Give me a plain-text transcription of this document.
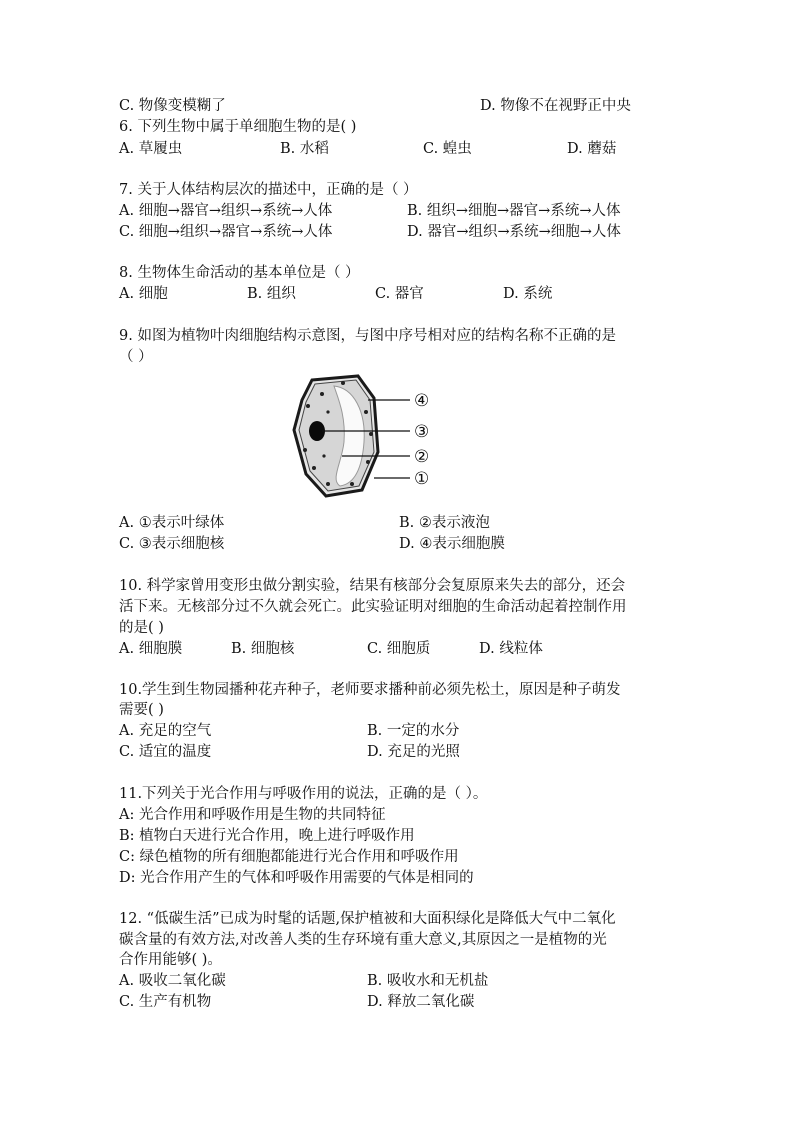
C. 物像变模糊了	D. 物像不在视野正中央
6. 下列生物中属于单细胞生物的是( )
A. 草履虫	B. 水稻	C. 蝗虫	D. 蘑菇
7. 关于人体结构层次的描述中，正确的是（ ）
A. 细胞→器官→组织→系统→人体	B. 组织→细胞→器官→系统→人体
C. 细胞→组织→器官→系统→人体	D. 器官→组织→系统→细胞→人体
8. 生物体生命活动的基本单位是（ ）
A. 细胞	B. 组织	C. 器官	D. 系统
9. 如图为植物叶肉细胞结构示意图，与图中序号相对应的结构名称不正确的是
（ ）
④
③
②
①
A. ①表示叶绿体	B. ②表示液泡
C. ③表示细胞核	D. ④表示细胞膜
10. 科学家曾用变形虫做分割实验，结果有核部分会复原原来失去的部分，还会
活下来。无核部分过不久就会死亡。此实验证明对细胞的生命活动起着控制作用
的是( )
A. 细胞膜	B. 细胞核	C. 细胞质	D. 线粒体
10.学生到生物园播种花卉种子，老师要求播种前必须先松土，原因是种子萌发
需要( )
A. 充足的空气	B. 一定的水分
C. 适宜的温度	D. 充足的光照
11.下列关于光合作用与呼吸作用的说法，正确的是（ ）。
A: 光合作用和呼吸作用是生物的共同特征
B: 植物白天进行光合作用，晚上进行呼吸作用
C: 绿色植物的所有细胞都能进行光合作用和呼吸作用
D: 光合作用产生的气体和呼吸作用需要的气体是相同的
12. “低碳生活”已成为时髦的话题,保护植被和大面积绿化是降低大气中二氧化
碳含量的有效方法,对改善人类的生存环境有重大意义,其原因之一是植物的光
合作用能够( )。
A. 吸收二氧化碳	B. 吸收水和无机盐
C. 生产有机物	D. 释放二氧化碳
